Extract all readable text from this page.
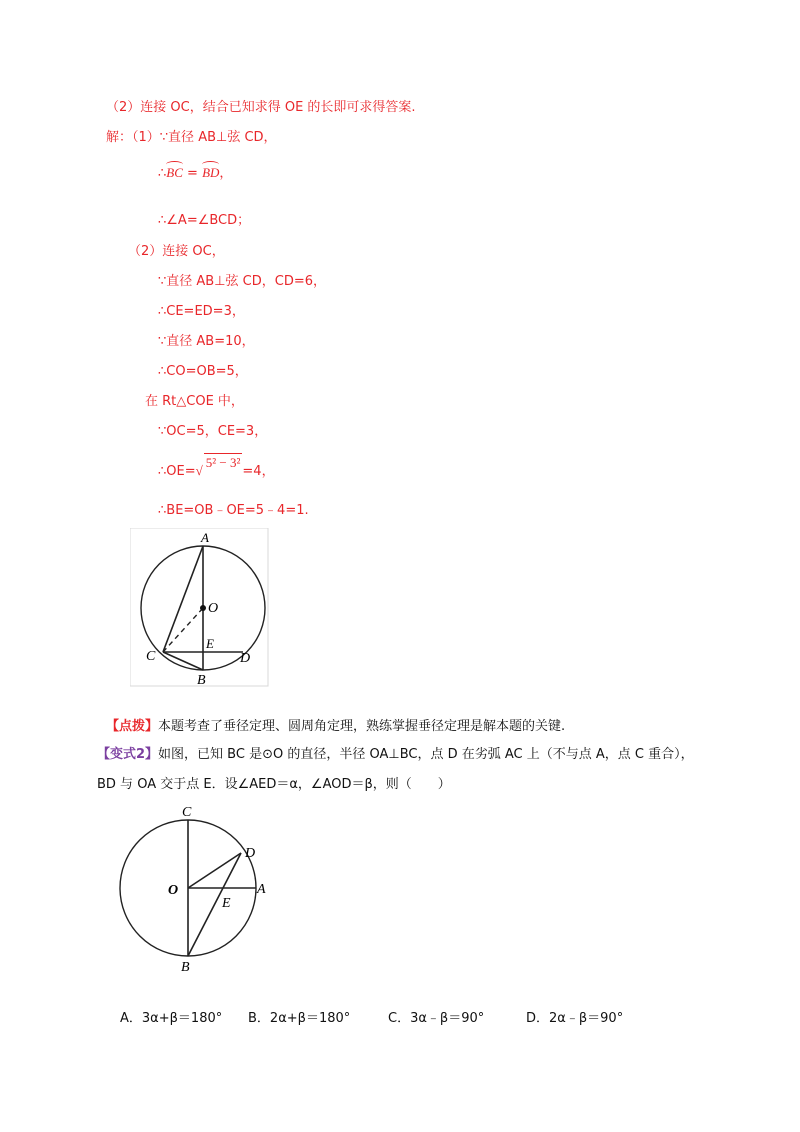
（2）连接 OC，结合已知求得 OE 的长即可求得答案.
解：（1）∵直径 AB⊥弦 CD，
∴BC = BD，
∴∠A=∠BCD；
（2）连接 OC，
∵直径 AB⊥弦 CD，CD=6，
∴CE=ED=3，
∵直径 AB=10，
∴CO=OB=5，
在 Rt△COE 中，
∵OC=5，CE=3，
∴OE=√5² − 3²=4，
∴BE=OB﹣OE=5﹣4=1.
A
O
E
C	D
B
【点拨】本题考查了垂径定理、圆周角定理，熟练掌握垂径定理是解本题的关键.
【变式2】如图，已知 BC 是⊙O 的直径，半径 OA⊥BC，点 D 在劣弧 AC 上（不与点 A，点 C 重合），
BD 与 OA 交于点 E．设∠AED＝α，∠AOD＝β，则（　　）
C
D
O
E
A
B
A．3α+β＝180° B．2α+β＝180°	C．3α﹣β＝90°	D．2α﹣β＝90°
